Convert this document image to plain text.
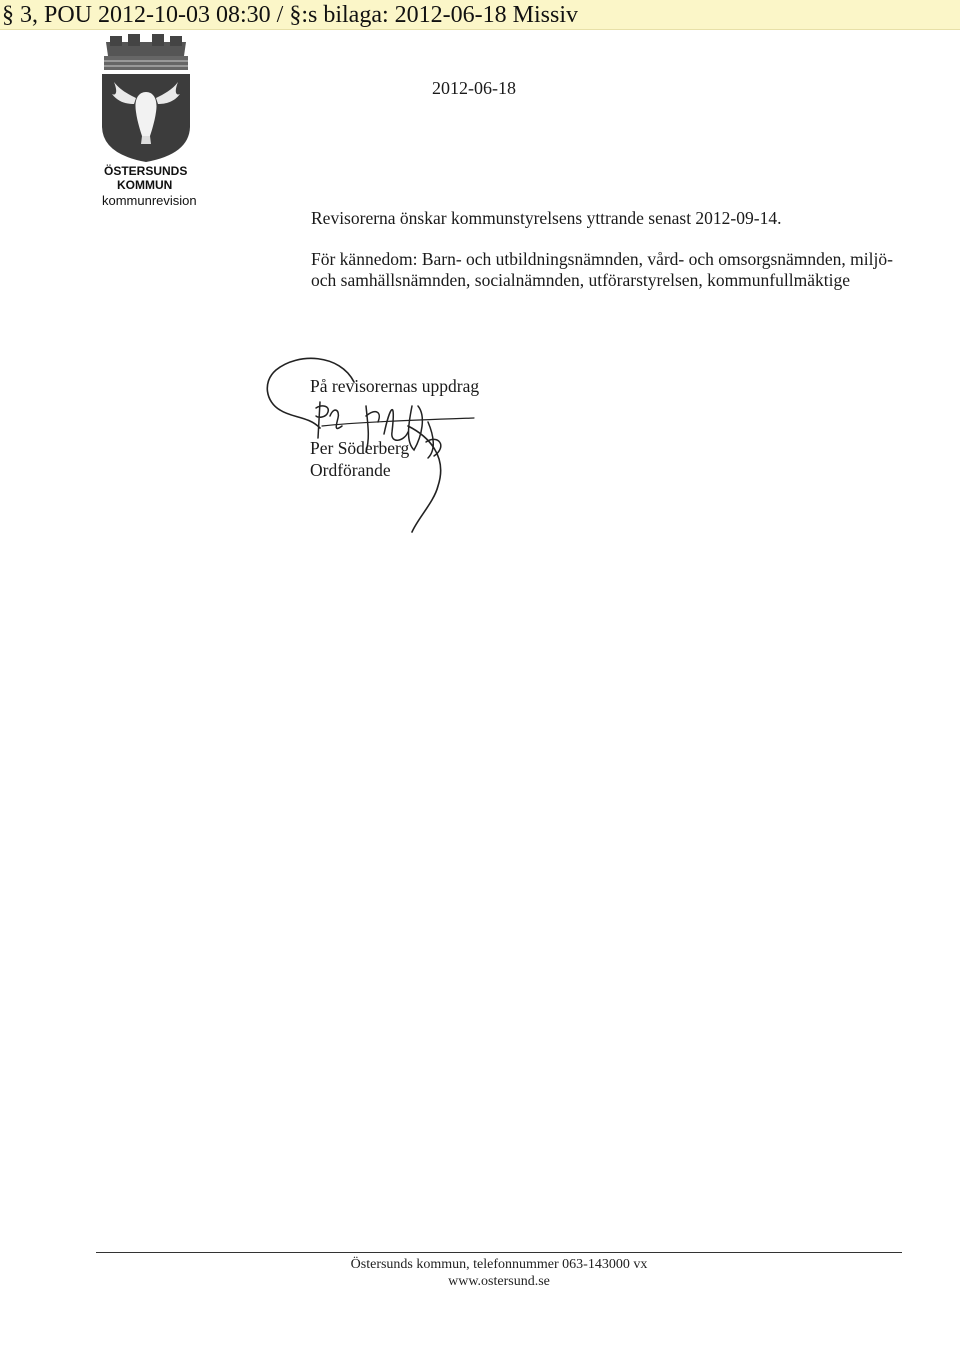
§ 3, POU 2012-10-03 08:30 / §:s bilaga: 2012-06-18 Missiv
ÖSTERSUNDS
KOMMUN
kommunrevision
2012-06-18
Revisorerna önskar kommunstyrelsens yttrande senast 2012-09-14.
För kännedom: Barn- och utbildningsnämnden, vård- och omsorgsnämnden, miljö-
och samhällsnämnden, socialnämnden, utförarstyrelsen, kommunfullmäktige
På revisorernas uppdrag
Per Söderberg
Ordförande
Östersunds kommun, telefonnummer 063-143000 vx
www.ostersund.se
